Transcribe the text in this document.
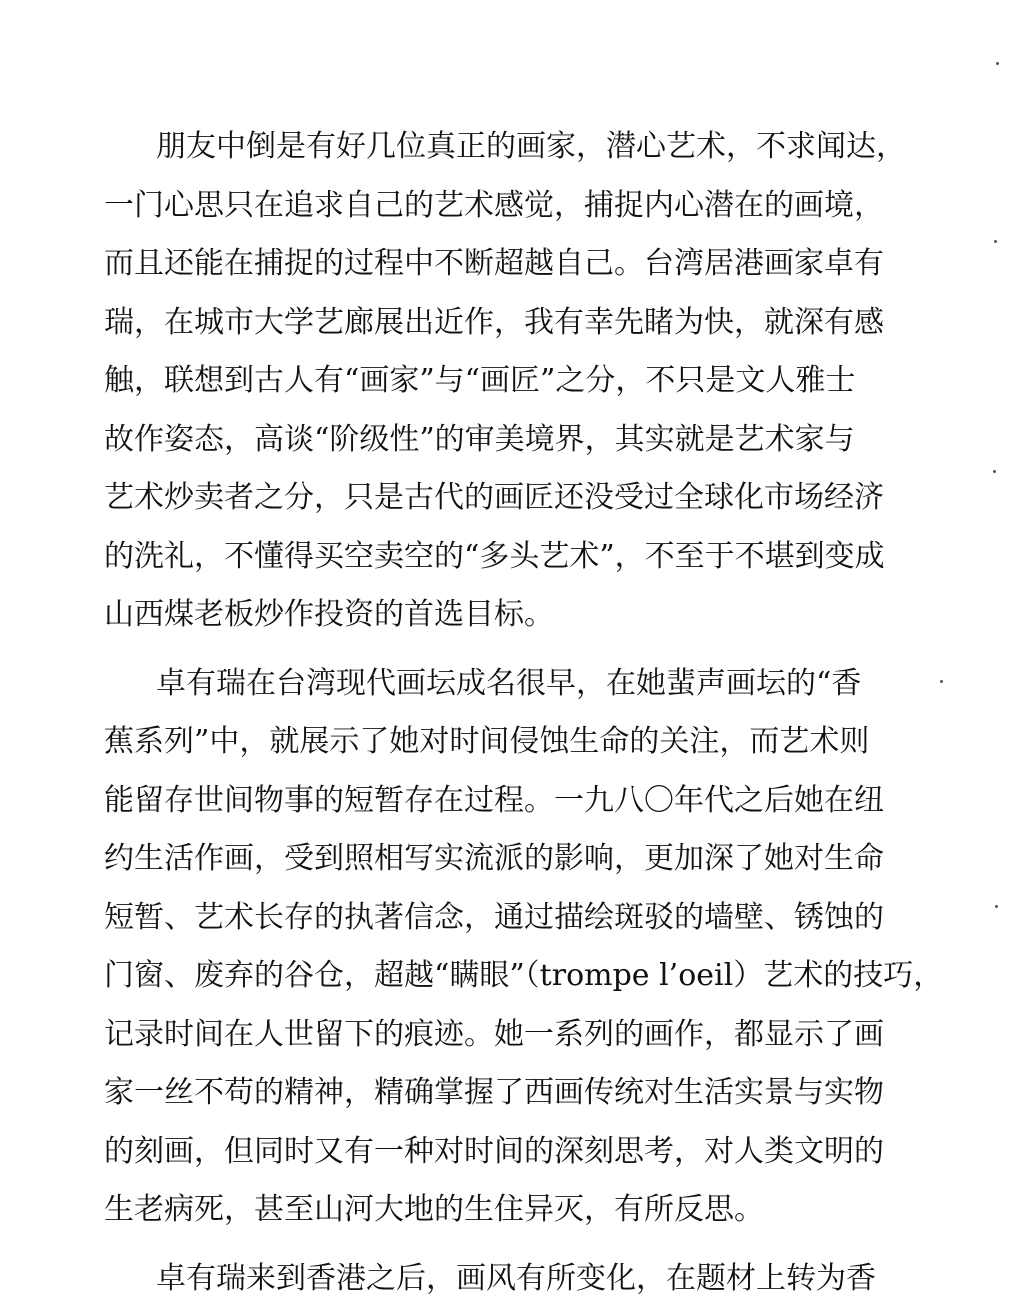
朋友中倒是有好几位真正的画家，潜心艺术，不求闻达，
一门心思只在追求自己的艺术感觉，捕捉内心潜在的画境，
而且还能在捕捉的过程中不断超越自己。台湾居港画家卓有
瑞，在城市大学艺廊展出近作，我有幸先睹为快，就深有感
触，联想到古人有“画家”与“画匠”之分，不只是文人雅士
故作姿态，高谈“阶级性”的审美境界，其实就是艺术家与
艺术炒卖者之分，只是古代的画匠还没受过全球化市场经济
的洗礼，不懂得买空卖空的“多头艺术”，不至于不堪到变成
山西煤老板炒作投资的首选目标。
卓有瑞在台湾现代画坛成名很早，在她蜚声画坛的“香
蕉系列”中，就展示了她对时间侵蚀生命的关注，而艺术则
能留存世间物事的短暂存在过程。一九八〇年代之后她在纽
约生活作画，受到照相写实流派的影响，更加深了她对生命
短暂、艺术长存的执著信念，通过描绘斑驳的墙壁、锈蚀的
门窗、废弃的谷仓，超越“瞒眼”（trompe l’oeil）艺术的技巧，
记录时间在人世留下的痕迹。她一系列的画作，都显示了画
家一丝不苟的精神，精确掌握了西画传统对生活实景与实物
的刻画，但同时又有一种对时间的深刻思考，对人类文明的
生老病死，甚至山河大地的生住异灭，有所反思。
卓有瑞来到香港之后，画风有所变化，在题材上转为香
